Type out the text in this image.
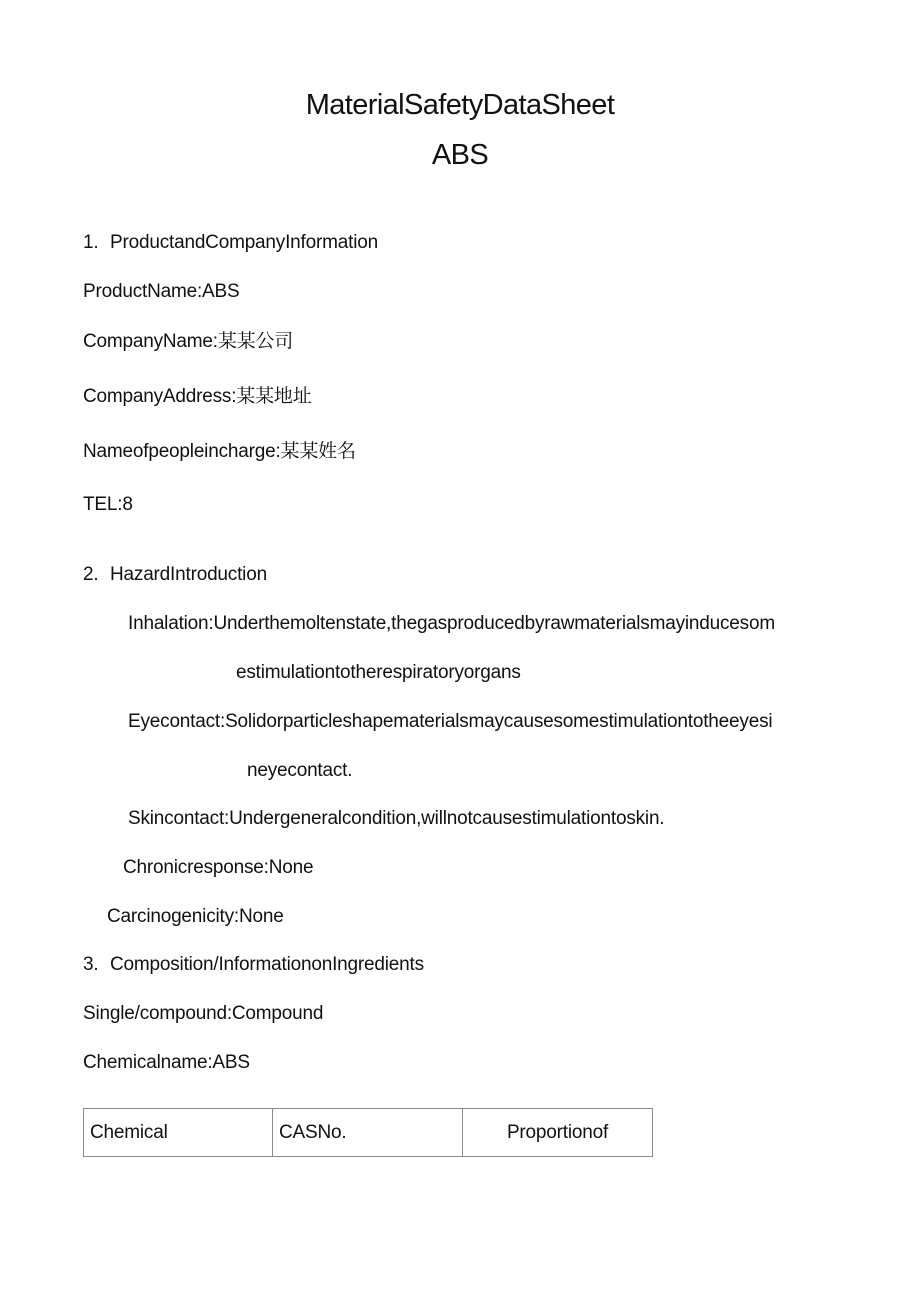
MaterialSafetyDataSheet
ABS
1. ProductandCompanyInformation
ProductName:ABS
CompanyName:某某公司
CompanyAddress:某某地址
Nameofpeopleincharge:某某姓名
TEL:8
2. HazardIntroduction
Inhalation:Underthemoltenstate,thegasproducedbyrawmaterialsmayinducesom
estimulationtotherespiratoryorgans
Eyecontact:Solidorparticleshapematerialsmaycausesomestimulationtotheeyesi
neyecontact.
Skincontact:Undergeneralcondition,willnotcausestimulationtoskin.
Chronicresponse:None
Carcinogenicity:None
3. Composition/InformationonIngredients
Single/compound:Compound
Chemicalname:ABS
Chemical	CASNo.	Proportionof
